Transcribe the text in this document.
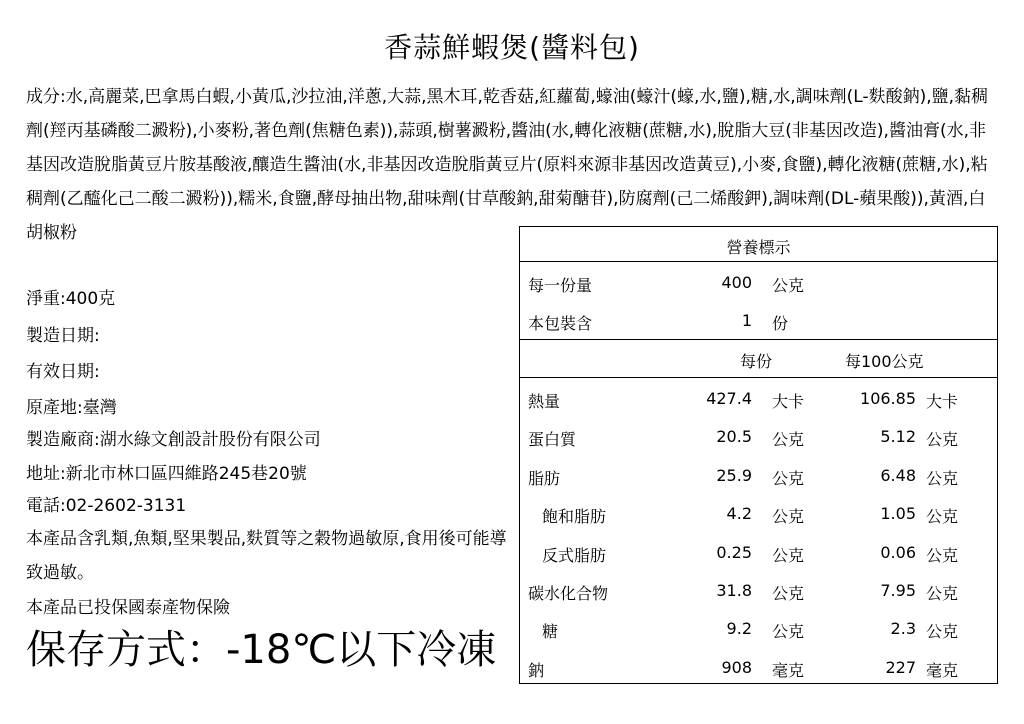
香蒜鮮蝦煲(醬料包)
成分:水,高麗菜,巴拿馬白蝦,小黃瓜,沙拉油,洋蔥,大蒜,黑木耳,乾香菇,紅蘿蔔,蠔油(蠔汁(蠔,水,鹽),糖,水,調味劑(L-麩酸鈉),鹽,黏稠劑(羥丙基磷酸二澱粉),小麥粉,著色劑(焦糖色素)),蒜頭,樹薯澱粉,醬油(水,轉化液糖(蔗糖,水),脫脂大豆(非基因改造),醬油膏(水,非基因改造脫脂黃豆片胺基酸液,釀造生醬油(水,非基因改造脫脂黃豆片(原料來源非基因改造黃豆),小麥,食鹽),轉化液糖(蔗糖,水),粘稠劑(乙醯化己二酸二澱粉)),糯米,食鹽,酵母抽出物,甜味劑(甘草酸鈉,甜菊醣苷),防腐劑(己二烯酸鉀),調味劑(DL-蘋果酸)),黃酒,白胡椒粉
淨重:400克
製造日期:
有效日期:
原產地:臺灣
製造廠商:湖水綠文創設計股份有限公司
地址:新北市林口區四維路245巷20號
電話:02-2602-3131
本產品含乳類,魚類,堅果製品,麩質等之穀物過敏原,食用後可能導致過敏。
本產品已投保國泰產物保險
保存方式：-18℃以下冷凍
營養標示
每一份量	400 公克
本包裝含	1 份
每份	每100公克
熱量	427.4 大卡	106.85 大卡
蛋白質	20.5 公克	5.12 公克
脂肪	25.9 公克	6.48 公克
飽和脂肪	4.2 公克	1.05 公克
反式脂肪	0.25 公克	0.06 公克
碳水化合物	31.8 公克	7.95 公克
糖	9.2 公克	2.3 公克
鈉	908 毫克	227 毫克
